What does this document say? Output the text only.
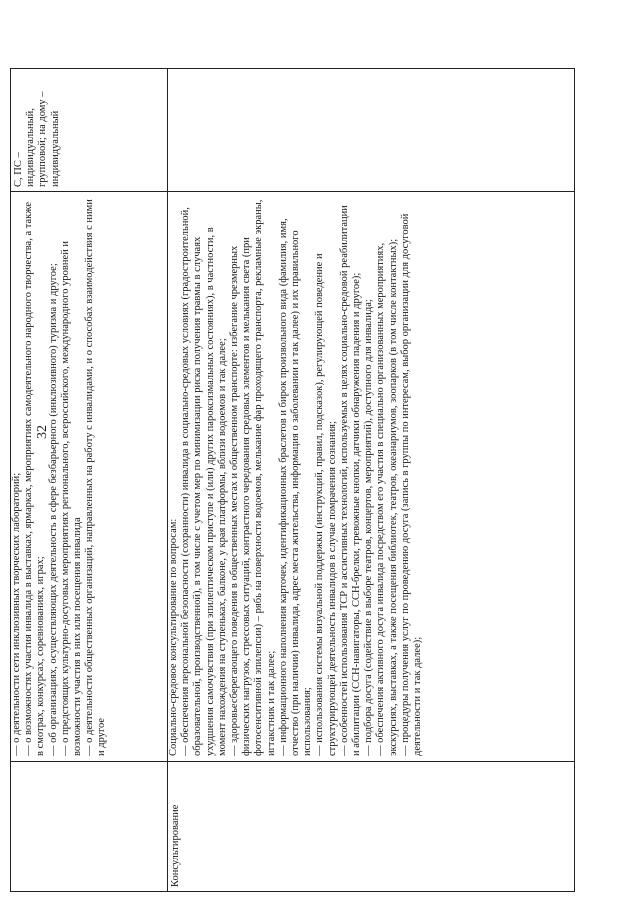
32

— о деятельности сети инклюзивных творческих лабораторий; — о возможностях участия инвалида в выставках, ярмарках, мероприятиях самодеятельного народного творчества, а также в смотрах, конкурсах, соревнованиях, играх; — об организациях, осуществляющих деятельность в сфере безбарьерного (инклюзивного) туризма и другое; — о предстоящих культурно-досуговых мероприятиях регионального, всероссийского, международного уровней и возможности участия в них или посещения инвалида — о деятельности общественных организаций, направленных на работу с инвалидами, и о способах взаимодействия с ними и другое

С, ПС – индивидуальный, групповой; на дому – индивидуальный

Консультирование

Социально-средовое консультирование по вопросам: — обеспечения персональной безопасности (сохранности) инвалида в социально-средовых условиях (градостроительной, образовательной, производственной), в том числе с учетом мер по минимизации риска получения травмы в случаях ухудшения самочувствия (при эпилептическом приступе и (или) других пароксизмальных состояниях), в частности, в момент нахождения на ступеньках, балконе, у края платформы, вблизи водоемов и так далее; — здоровьесберегающего поведения в общественных местах и общественном транспорте: избегание чрезмерных физических нагрузок, стрессовых ситуаций, контрастного чередования средовых элементов и мелькания света (при фотосенситивной эпилепсии) – рябь на поверхности водоемов, мелькание фар проходящего транспорта, рекламные экраны, игтакстник и так далее; — информационного наполнения карточек, идентификационных браслетов и бирок произвольного вида (фамилия, имя, отчество (при наличии) инвалида, адрес места жительства, информация о заболевании и так далее) и их правильного использования; — использования системы визуальной поддержки (инструкций, правил, подсказок), регулирующей поведение и структурирующей деятельность инвалидов в случае помрачения сознания; — особенностей использования ТСР и ассистивных технологий, используемых в целях социально-средовой реабилитации и абилитации (ССН-навигаторы, ССН-брелки, тревожные кнопки, датчики обнаружения падения и другое); — подбора досуга (содействие в выборе театров, концертов, мероприятий), доступного для инвалида; — обеспечения активного досуга инвалида посредством его участия в специально организованных мероприятиях, экскурсиях, выставках, а также посещения библиотек, театров, океанариумов, зоопарков (в том числе контактных); — процедуры получения услуг по проведению досуга (запись в группы по интересам, выбор организации для досуговой деятельности и так далее);
